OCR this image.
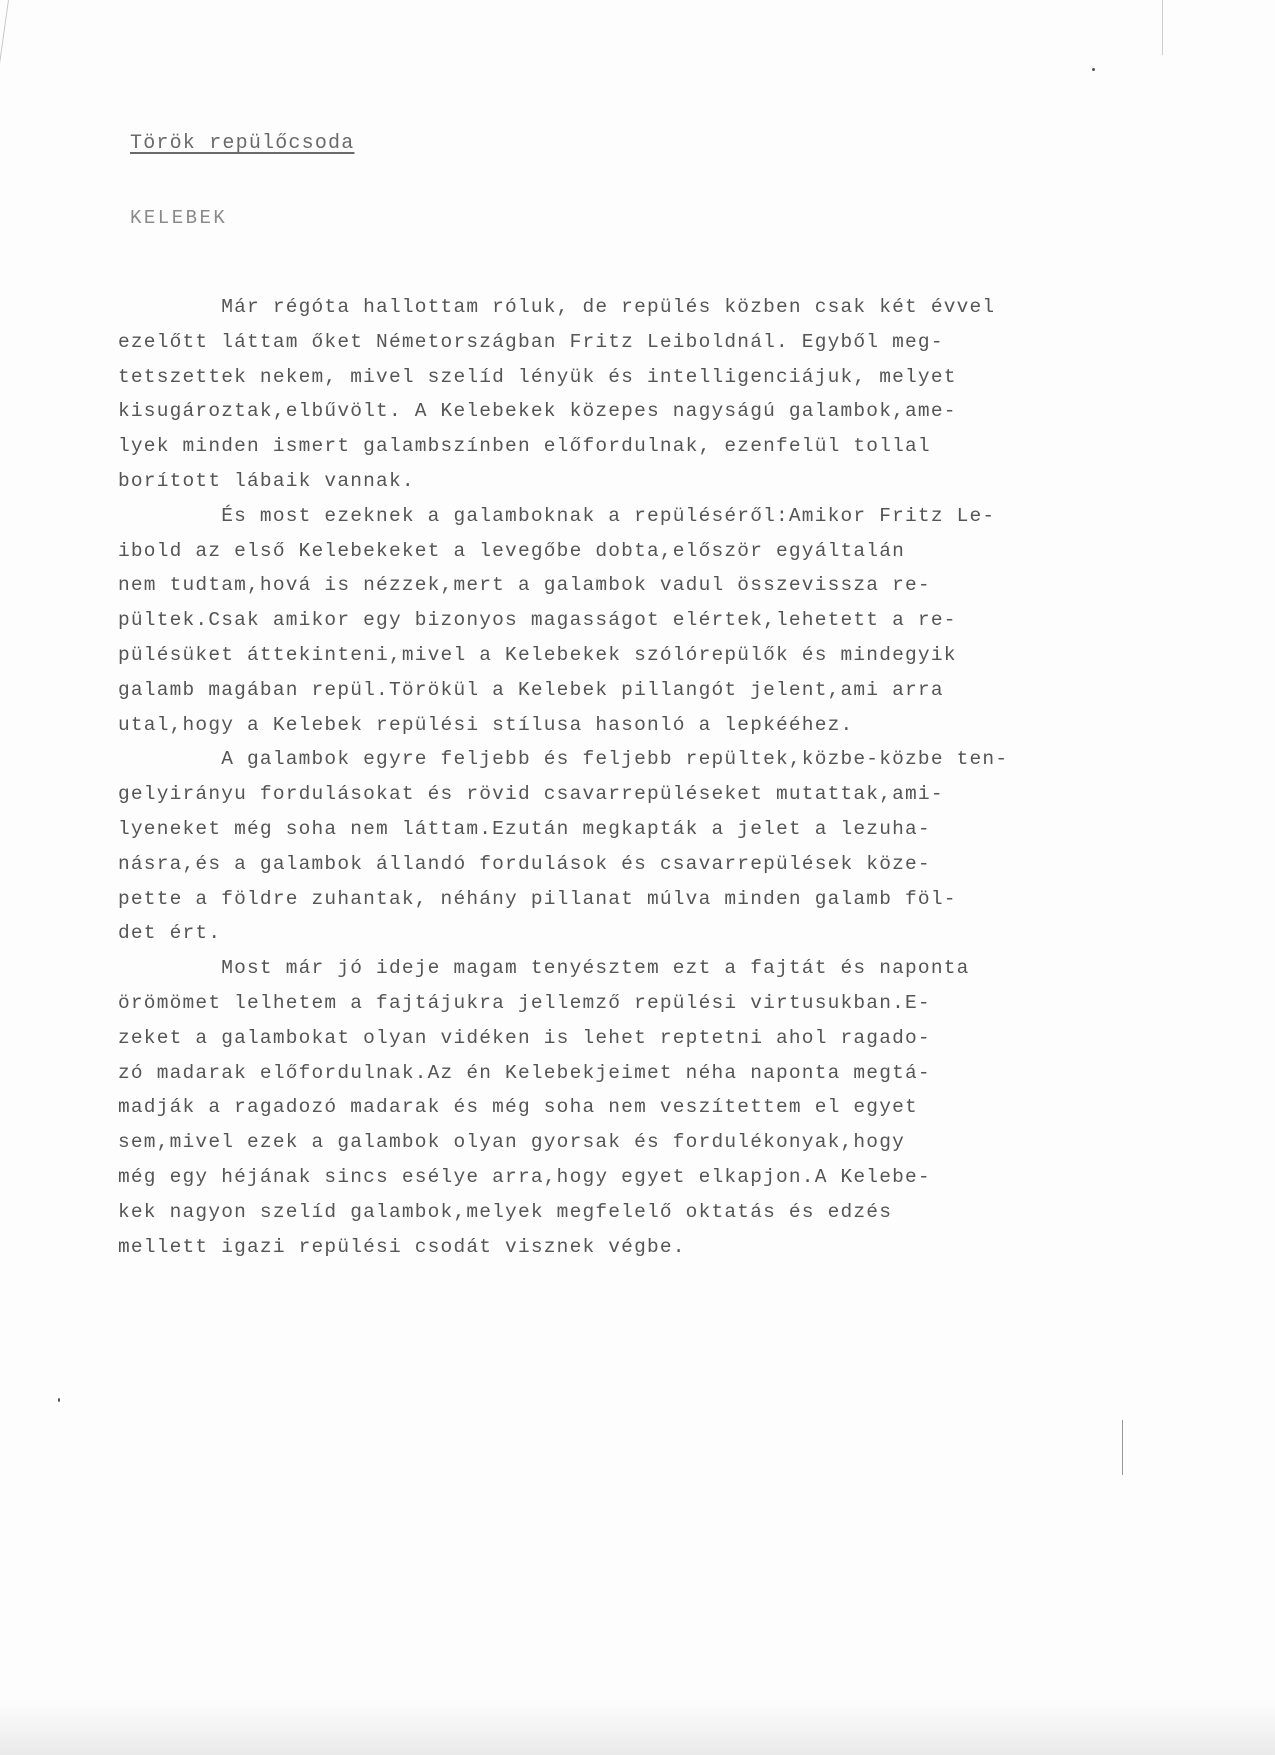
Török repülőcsoda
KELEBEK
Már régóta hallottam róluk, de repülés közben csak két évvel
ezelőtt láttam őket Németországban Fritz Leiboldnál. Egyből meg-
tetszettek nekem, mivel szelíd lényük és intelligenciájuk, melyet
kisugároztak,elbűvölt. A Kelebekek közepes nagyságú galambok,ame-
lyek minden ismert galambszínben előfordulnak, ezenfelül tollal
borított lábaik vannak.
És most ezeknek a galamboknak a repüléséről:Amikor Fritz Le-
ibold az első Kelebekeket a levegőbe dobta,először egyáltalán
nem tudtam,hová is nézzek,mert a galambok vadul összevissza re-
pültek.Csak amikor egy bizonyos magasságot elértek,lehetett a re-
pülésüket áttekinteni,mivel a Kelebekek szólórepülők és mindegyik
galamb magában repül.Törökül a Kelebek pillangót jelent,ami arra
utal,hogy a Kelebek repülési stílusa hasonló a lepkééhez.
A galambok egyre feljebb és feljebb repültek,közbe-közbe ten-
gelyirányu fordulásokat és rövid csavarrepüléseket mutattak,ami-
lyeneket még soha nem láttam.Ezután megkapták a jelet a lezuha-
násra,és a galambok állandó fordulások és csavarrepülések köze-
pette a földre zuhantak, néhány pillanat múlva minden galamb föl-
det ért.
Most már jó ideje magam tenyésztem ezt a fajtát és naponta
örömömet lelhetem a fajtájukra jellemző repülési virtusukban.E-
zeket a galambokat olyan vidéken is lehet reptetni ahol ragado-
zó madarak előfordulnak.Az én Kelebekjeimet néha naponta megtá-
madják a ragadozó madarak és még soha nem veszítettem el egyet
sem,mivel ezek a galambok olyan gyorsak és fordulékonyak,hogy
még egy héjának sincs esélye arra,hogy egyet elkapjon.A Kelebe-
kek nagyon szelíd galambok,melyek megfelelő oktatás és edzés
mellett igazi repülési csodát visznek végbe.
